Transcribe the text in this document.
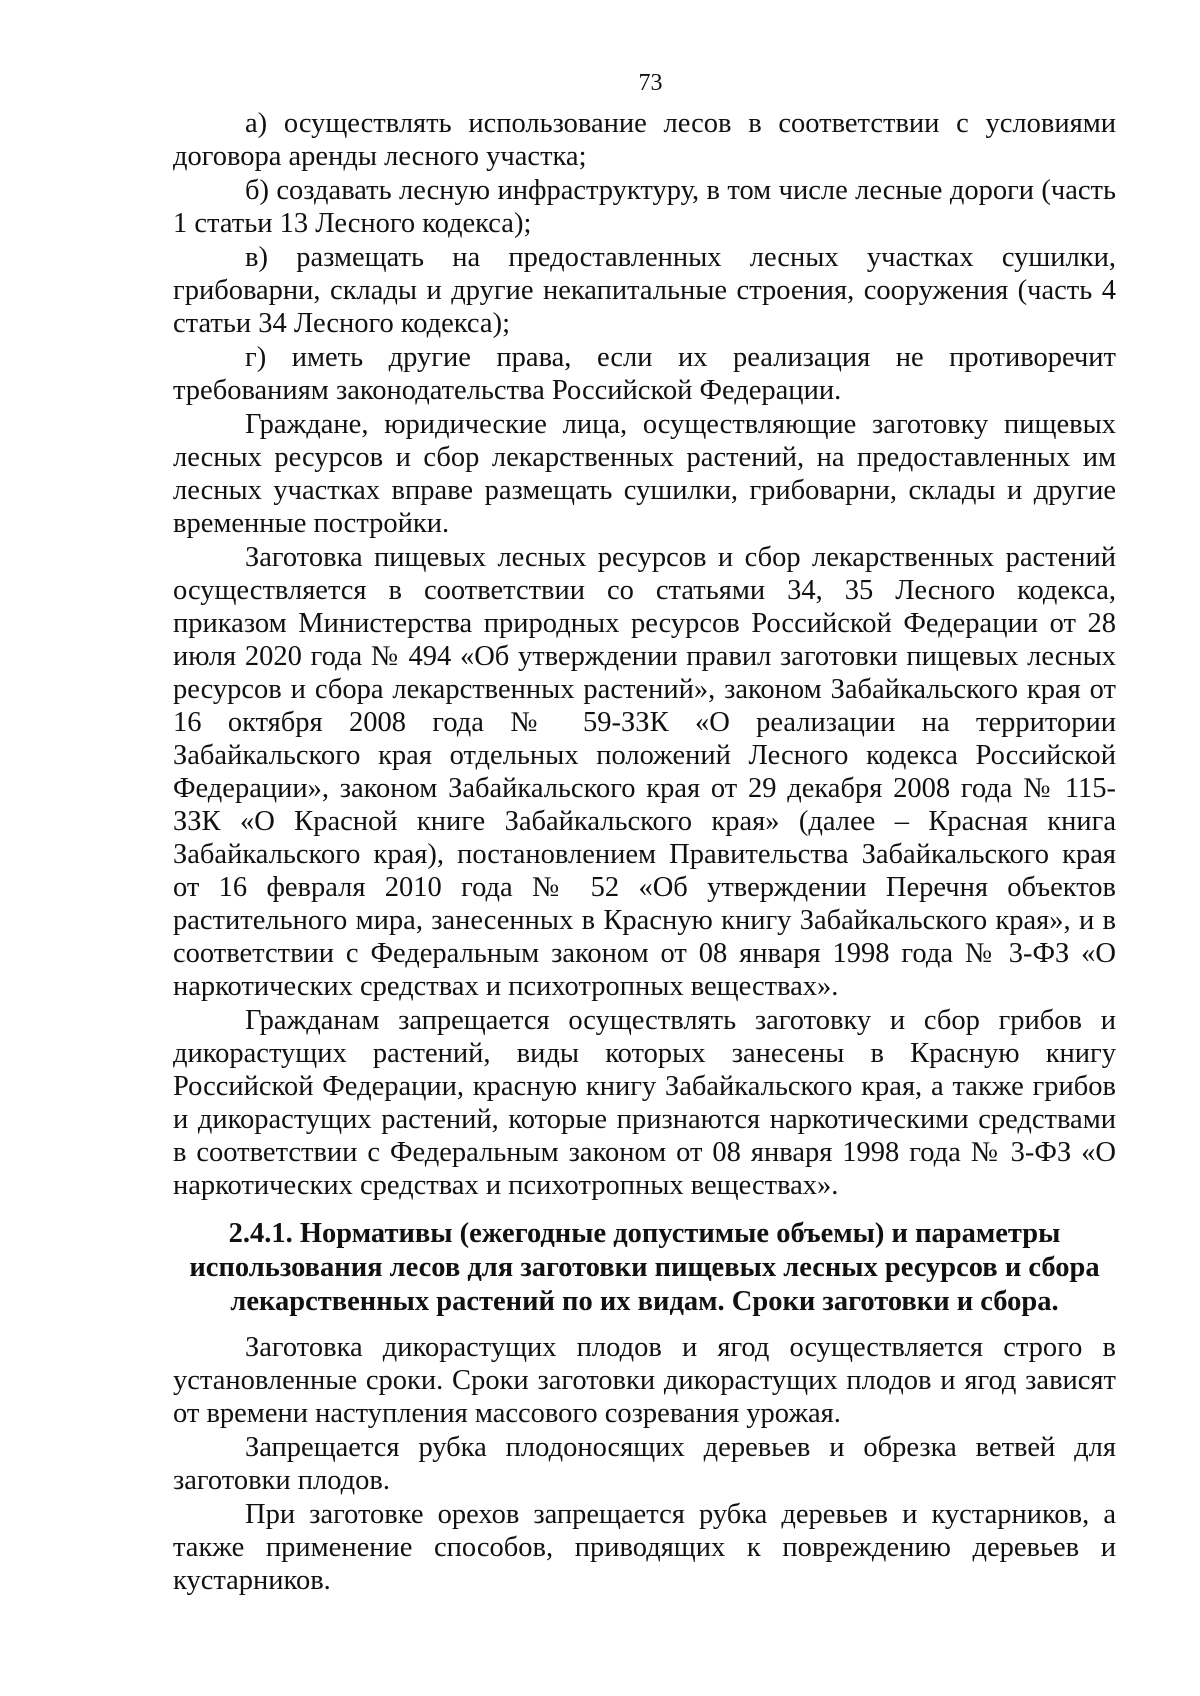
73

а) осуществлять использование лесов в соответствии с условиями договора аренды лесного участка;

б) создавать лесную инфраструктуру, в том числе лесные дороги (часть 1 статьи 13 Лесного кодекса);

в) размещать на предоставленных лесных участках сушилки, грибоварни, склады и другие некапитальные строения, сооружения (часть 4 статьи 34 Лесного кодекса);

г) иметь другие права, если их реализация не противоречит требованиям законодательства Российской Федерации.

Граждане, юридические лица, осуществляющие заготовку пищевых лесных ресурсов и сбор лекарственных растений, на предоставленных им лесных участках вправе размещать сушилки, грибоварни, склады и другие временные постройки.

Заготовка пищевых лесных ресурсов и сбор лекарственных растений осуществляется в соответствии со статьями 34, 35 Лесного кодекса, приказом Министерства природных ресурсов Российской Федерации от 28 июля 2020 года № 494 «Об утверждении правил заготовки пищевых лесных ресурсов и сбора лекарственных растений», законом Забайкальского края от 16 октября 2008 года № 59-ЗЗК «О реализации на территории Забайкальского края отдельных положений Лесного кодекса Российской Федерации», законом Забайкальского края от 29 декабря 2008 года № 115-ЗЗК «О Красной книге Забайкальского края» (далее – Красная книга Забайкальского края), постановлением Правительства Забайкальского края от 16 февраля 2010 года № 52 «Об утверждении Перечня объектов растительного мира, занесенных в Красную книгу Забайкальского края», и в соответствии с Федеральным законом от 08 января 1998 года № 3-ФЗ «О наркотических средствах и психотропных веществах».

Гражданам запрещается осуществлять заготовку и сбор грибов и дикорастущих растений, виды которых занесены в Красную книгу Российской Федерации, красную книгу Забайкальского края, а также грибов и дикорастущих растений, которые признаются наркотическими средствами в соответствии с Федеральным законом от 08 января 1998 года № 3-ФЗ «О наркотических средствах и психотропных веществах».

2.4.1. Нормативы (ежегодные допустимые объемы) и параметры использования лесов для заготовки пищевых лесных ресурсов и сбора лекарственных растений по их видам. Сроки заготовки и сбора.

Заготовка дикорастущих плодов и ягод осуществляется строго в установленные сроки. Сроки заготовки дикорастущих плодов и ягод зависят от времени наступления массового созревания урожая.

Запрещается рубка плодоносящих деревьев и обрезка ветвей для заготовки плодов.

При заготовке орехов запрещается рубка деревьев и кустарников, а также применение способов, приводящих к повреждению деревьев и кустарников.
